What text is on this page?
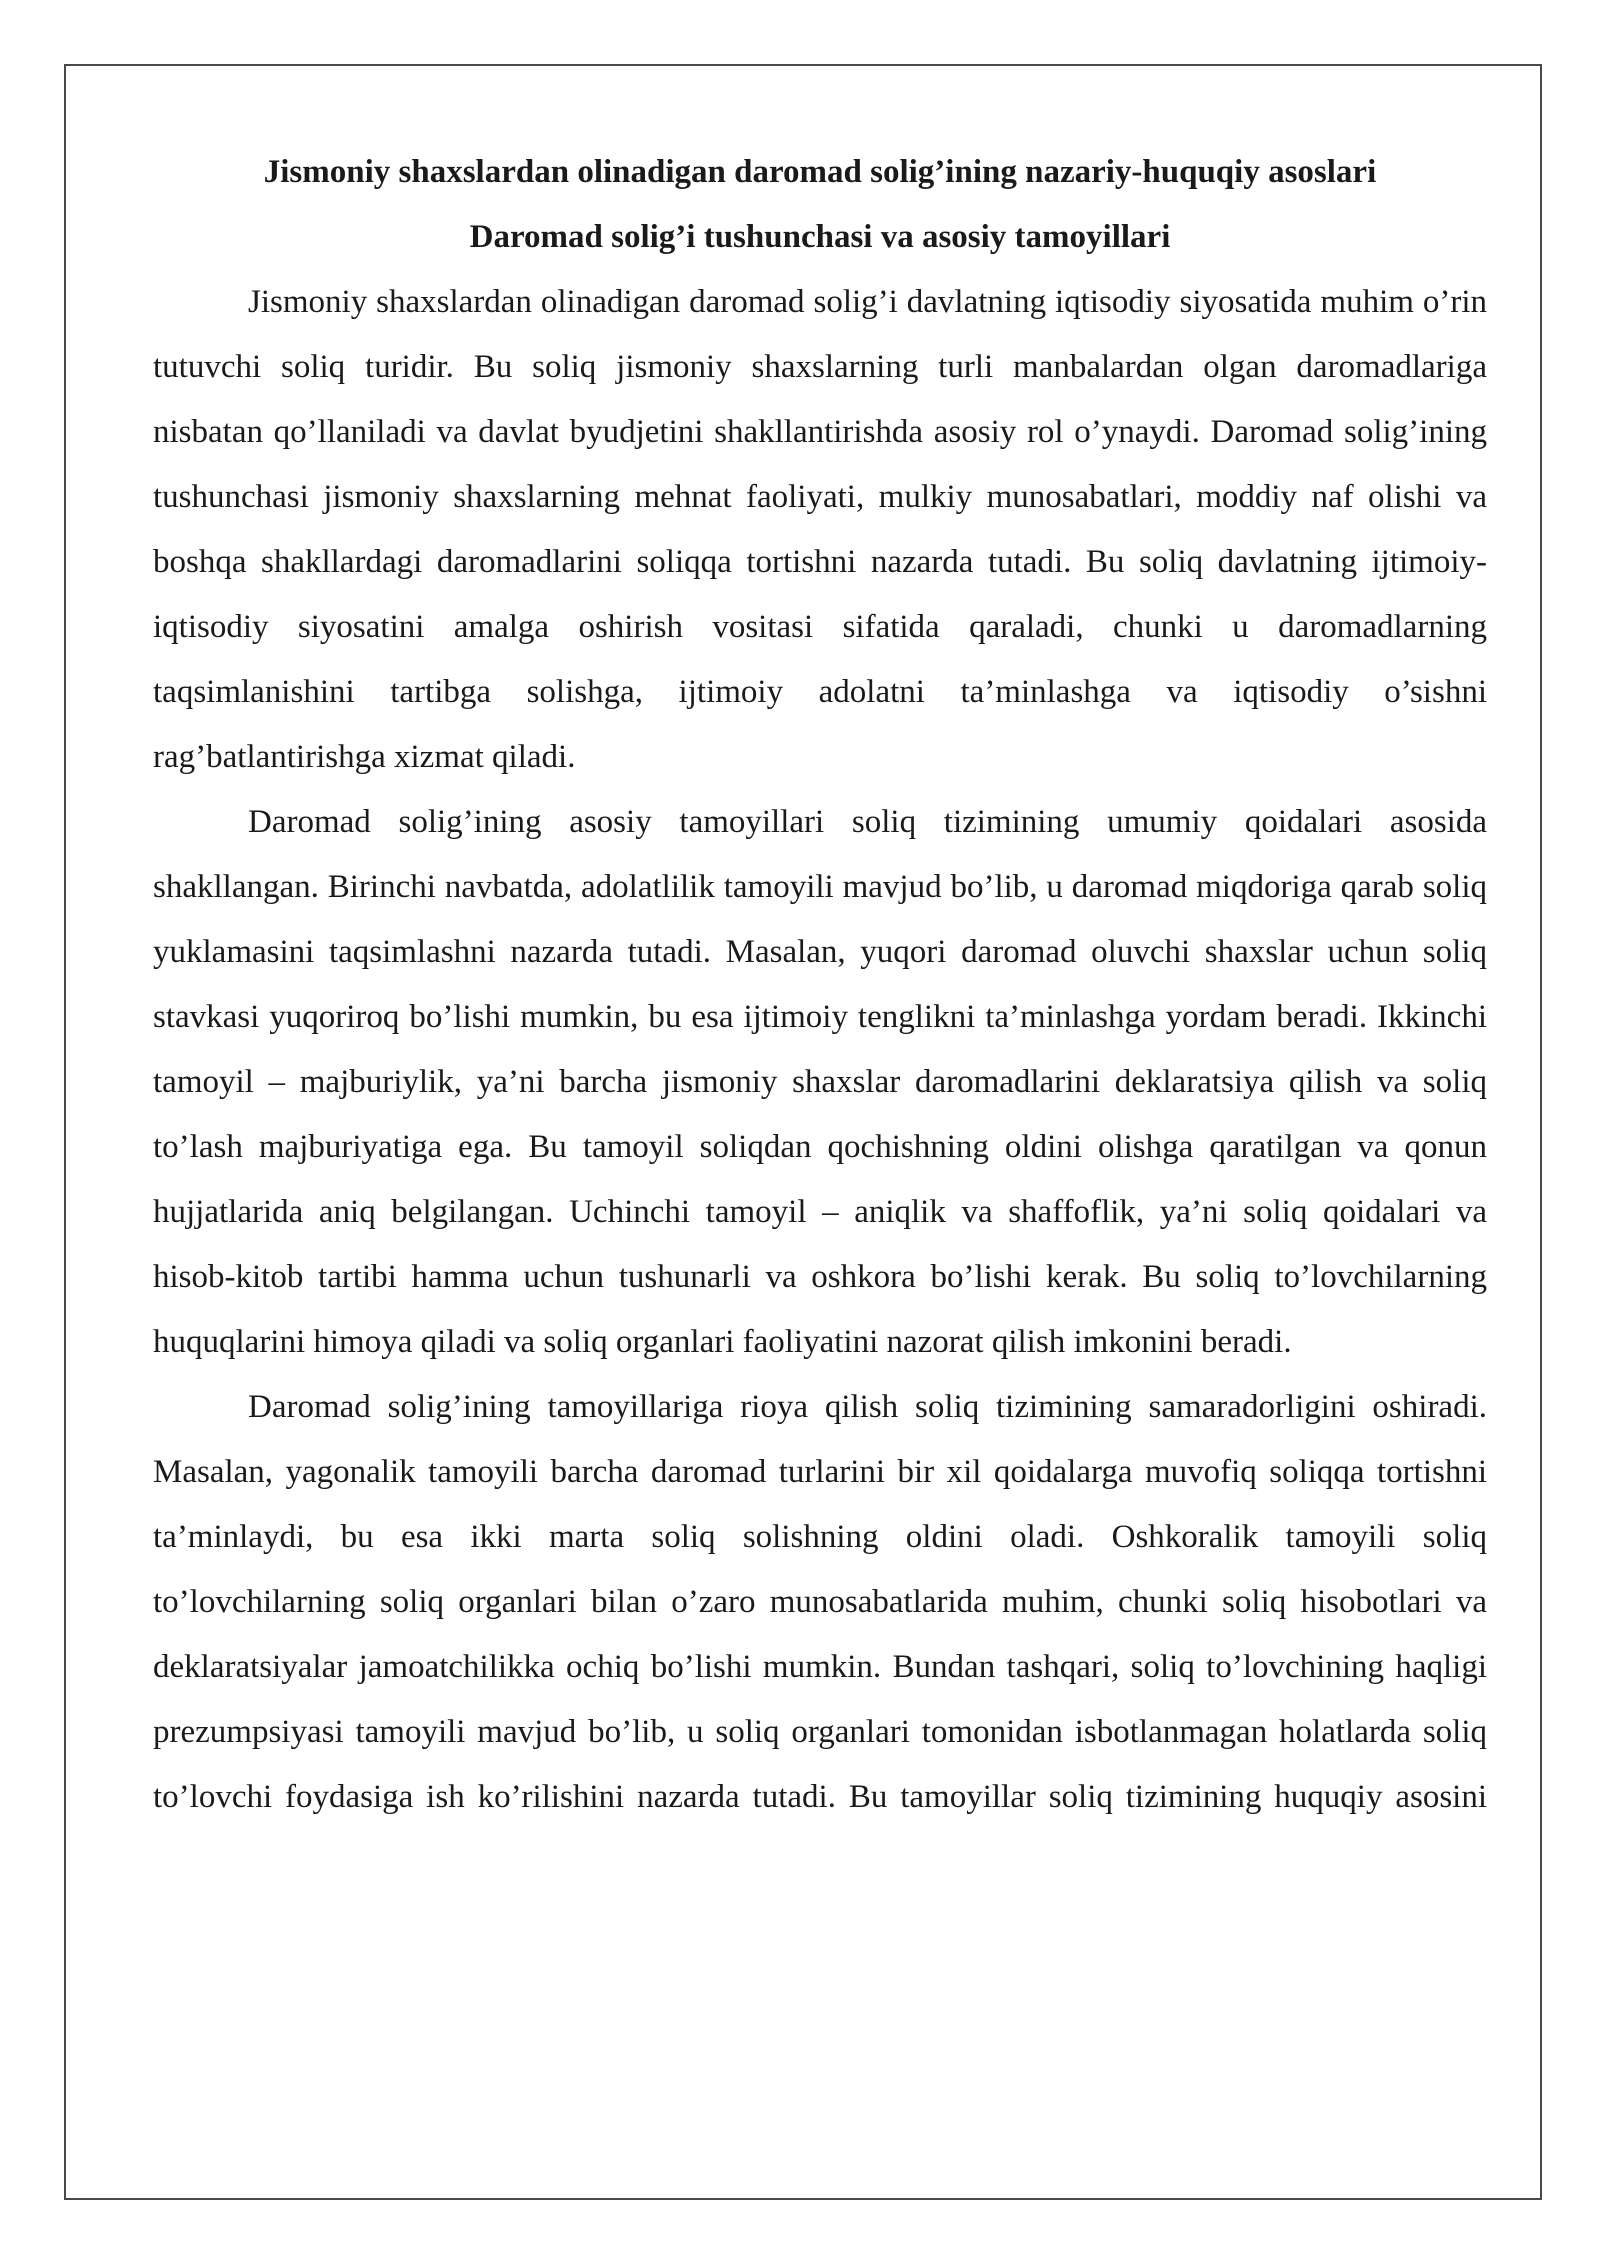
Jismoniy shaxslardan olinadigan daromad solig’ining nazariy-huquqiy asoslari
Daromad solig’i tushunchasi va asosiy tamoyillari

Jismoniy shaxslardan olinadigan daromad solig’i davlatning iqtisodiy siyosatida muhim o’rin tutuvchi soliq turidir. Bu soliq jismoniy shaxslarning turli manbalardan olgan daromadlariga nisbatan qo’llaniladi va davlat byudjetini shakllantirishda asosiy rol o’ynaydi. Daromad solig’ining tushunchasi jismoniy shaxslarning mehnat faoliyati, mulkiy munosabatlari, moddiy naf olishi va boshqa shakllardagi daromadlarini soliqqa tortishni nazarda tutadi. Bu soliq davlatning ijtimoiy-iqtisodiy siyosatini amalga oshirish vositasi sifatida qaraladi, chunki u daromadlarning taqsimlanishini tartibga solishga, ijtimoiy adolatni ta’minlashga va iqtisodiy o’sishni rag’batlantirishga xizmat qiladi.

Daromad solig’ining asosiy tamoyillari soliq tizimining umumiy qoidalari asosida shakllangan. Birinchi navbatda, adolatlilik tamoyili mavjud bo’lib, u daromad miqdoriga qarab soliq yuklamasini taqsimlashni nazarda tutadi. Masalan, yuqori daromad oluvchi shaxslar uchun soliq stavkasi yuqoriroq bo’lishi mumkin, bu esa ijtimoiy tenglikni ta’minlashga yordam beradi. Ikkinchi tamoyil – majburiylik, ya’ni barcha jismoniy shaxslar daromadlarini deklaratsiya qilish va soliq to’lash majburiyatiga ega. Bu tamoyil soliqdan qochishning oldini olishga qaratilgan va qonun hujjatlarida aniq belgilangan. Uchinchi tamoyil – aniqlik va shaffoflik, ya’ni soliq qoidalari va hisob-kitob tartibi hamma uchun tushunarli va oshkora bo’lishi kerak. Bu soliq to’lovchilarning huquqlarini himoya qiladi va soliq organlari faoliyatini nazorat qilish imkonini beradi.

Daromad solig’ining tamoyillariga rioya qilish soliq tizimining samaradorligini oshiradi. Masalan, yagonalik tamoyili barcha daromad turlarini bir xil qoidalarga muvofiq soliqqa tortishni ta’minlaydi, bu esa ikki marta soliq solishning oldini oladi. Oshkoralik tamoyili soliq to’lovchilarning soliq organlari bilan o’zaro munosabatlarida muhim, chunki soliq hisobotlari va deklaratsiyalar jamoatchilikka ochiq bo’lishi mumkin. Bundan tashqari, soliq to’lovchining haqligi prezumpsiyasi tamoyili mavjud bo’lib, u soliq organlari tomonidan isbotlanmagan holatlarda soliq to’lovchi foydasiga ish ko’rilishini nazarda tutadi. Bu tamoyillar soliq tizimining huquqiy asosini
